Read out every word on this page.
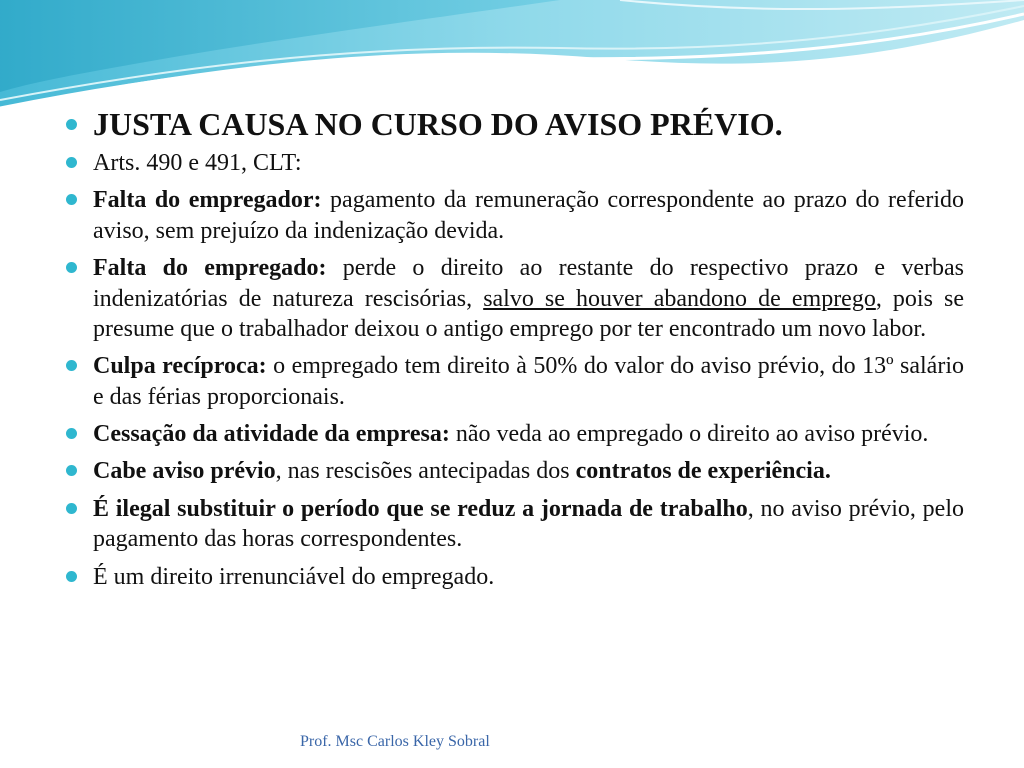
JUSTA CAUSA NO CURSO DO AVISO PRÉVIO.
Arts. 490 e 491, CLT:
Falta do empregador: pagamento da remuneração correspondente ao prazo do referido aviso, sem prejuízo da indenização devida.
Falta do empregado: perde o direito ao restante do respectivo prazo e verbas indenizatórias de natureza rescisórias, salvo se houver abandono de emprego, pois se presume que o trabalhador deixou o antigo emprego por ter encontrado um novo labor.
Culpa recíproca: o empregado tem direito à 50% do valor do aviso prévio, do 13º salário e das férias proporcionais.
Cessação da atividade da empresa: não veda ao empregado o direito ao aviso prévio.
Cabe aviso prévio, nas rescisões antecipadas dos contratos de experiência.
É ilegal substituir o período que se reduz a jornada de trabalho, no aviso prévio, pelo pagamento das horas correspondentes.
É um direito irrenunciável do empregado.
Prof. Msc Carlos Kley Sobral
